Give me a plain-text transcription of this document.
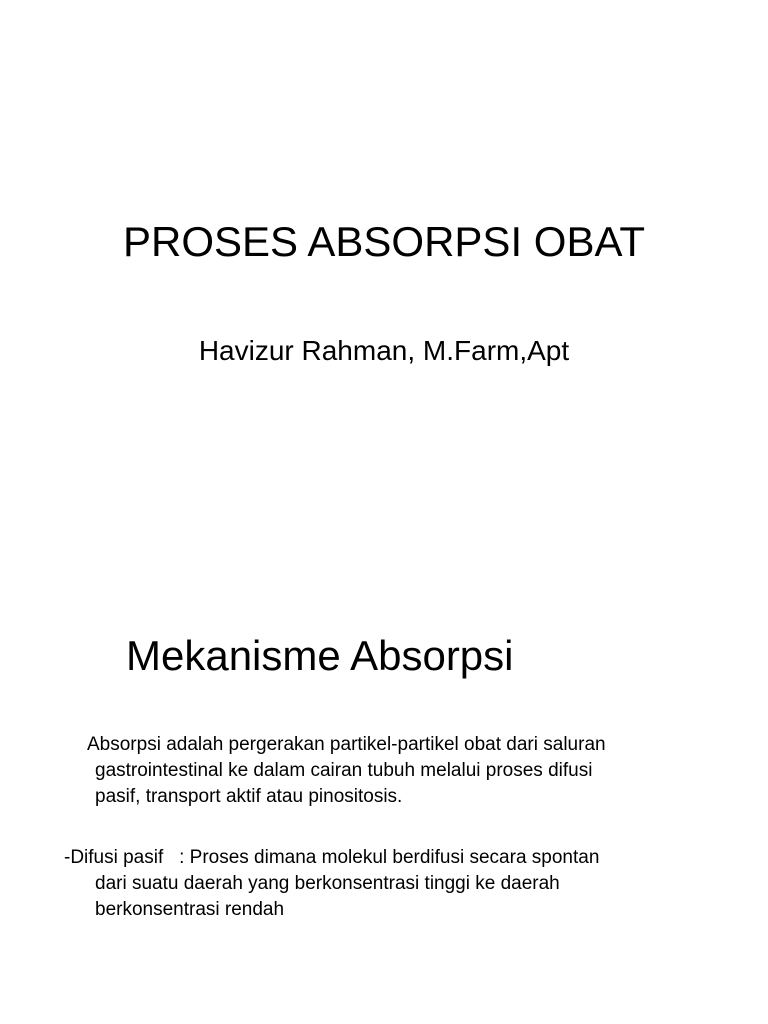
PROSES ABSORPSI OBAT

Havizur Rahman, M.Farm,Apt

Mekanisme Absorpsi

Absorpsi adalah pergerakan partikel-partikel obat dari saluran
gastrointestinal ke dalam cairan tubuh melalui proses difusi
pasif, transport aktif atau pinositosis.

-Difusi pasif   : Proses dimana molekul berdifusi secara spontan
dari suatu daerah yang berkonsentrasi tinggi ke daerah
berkonsentrasi rendah
